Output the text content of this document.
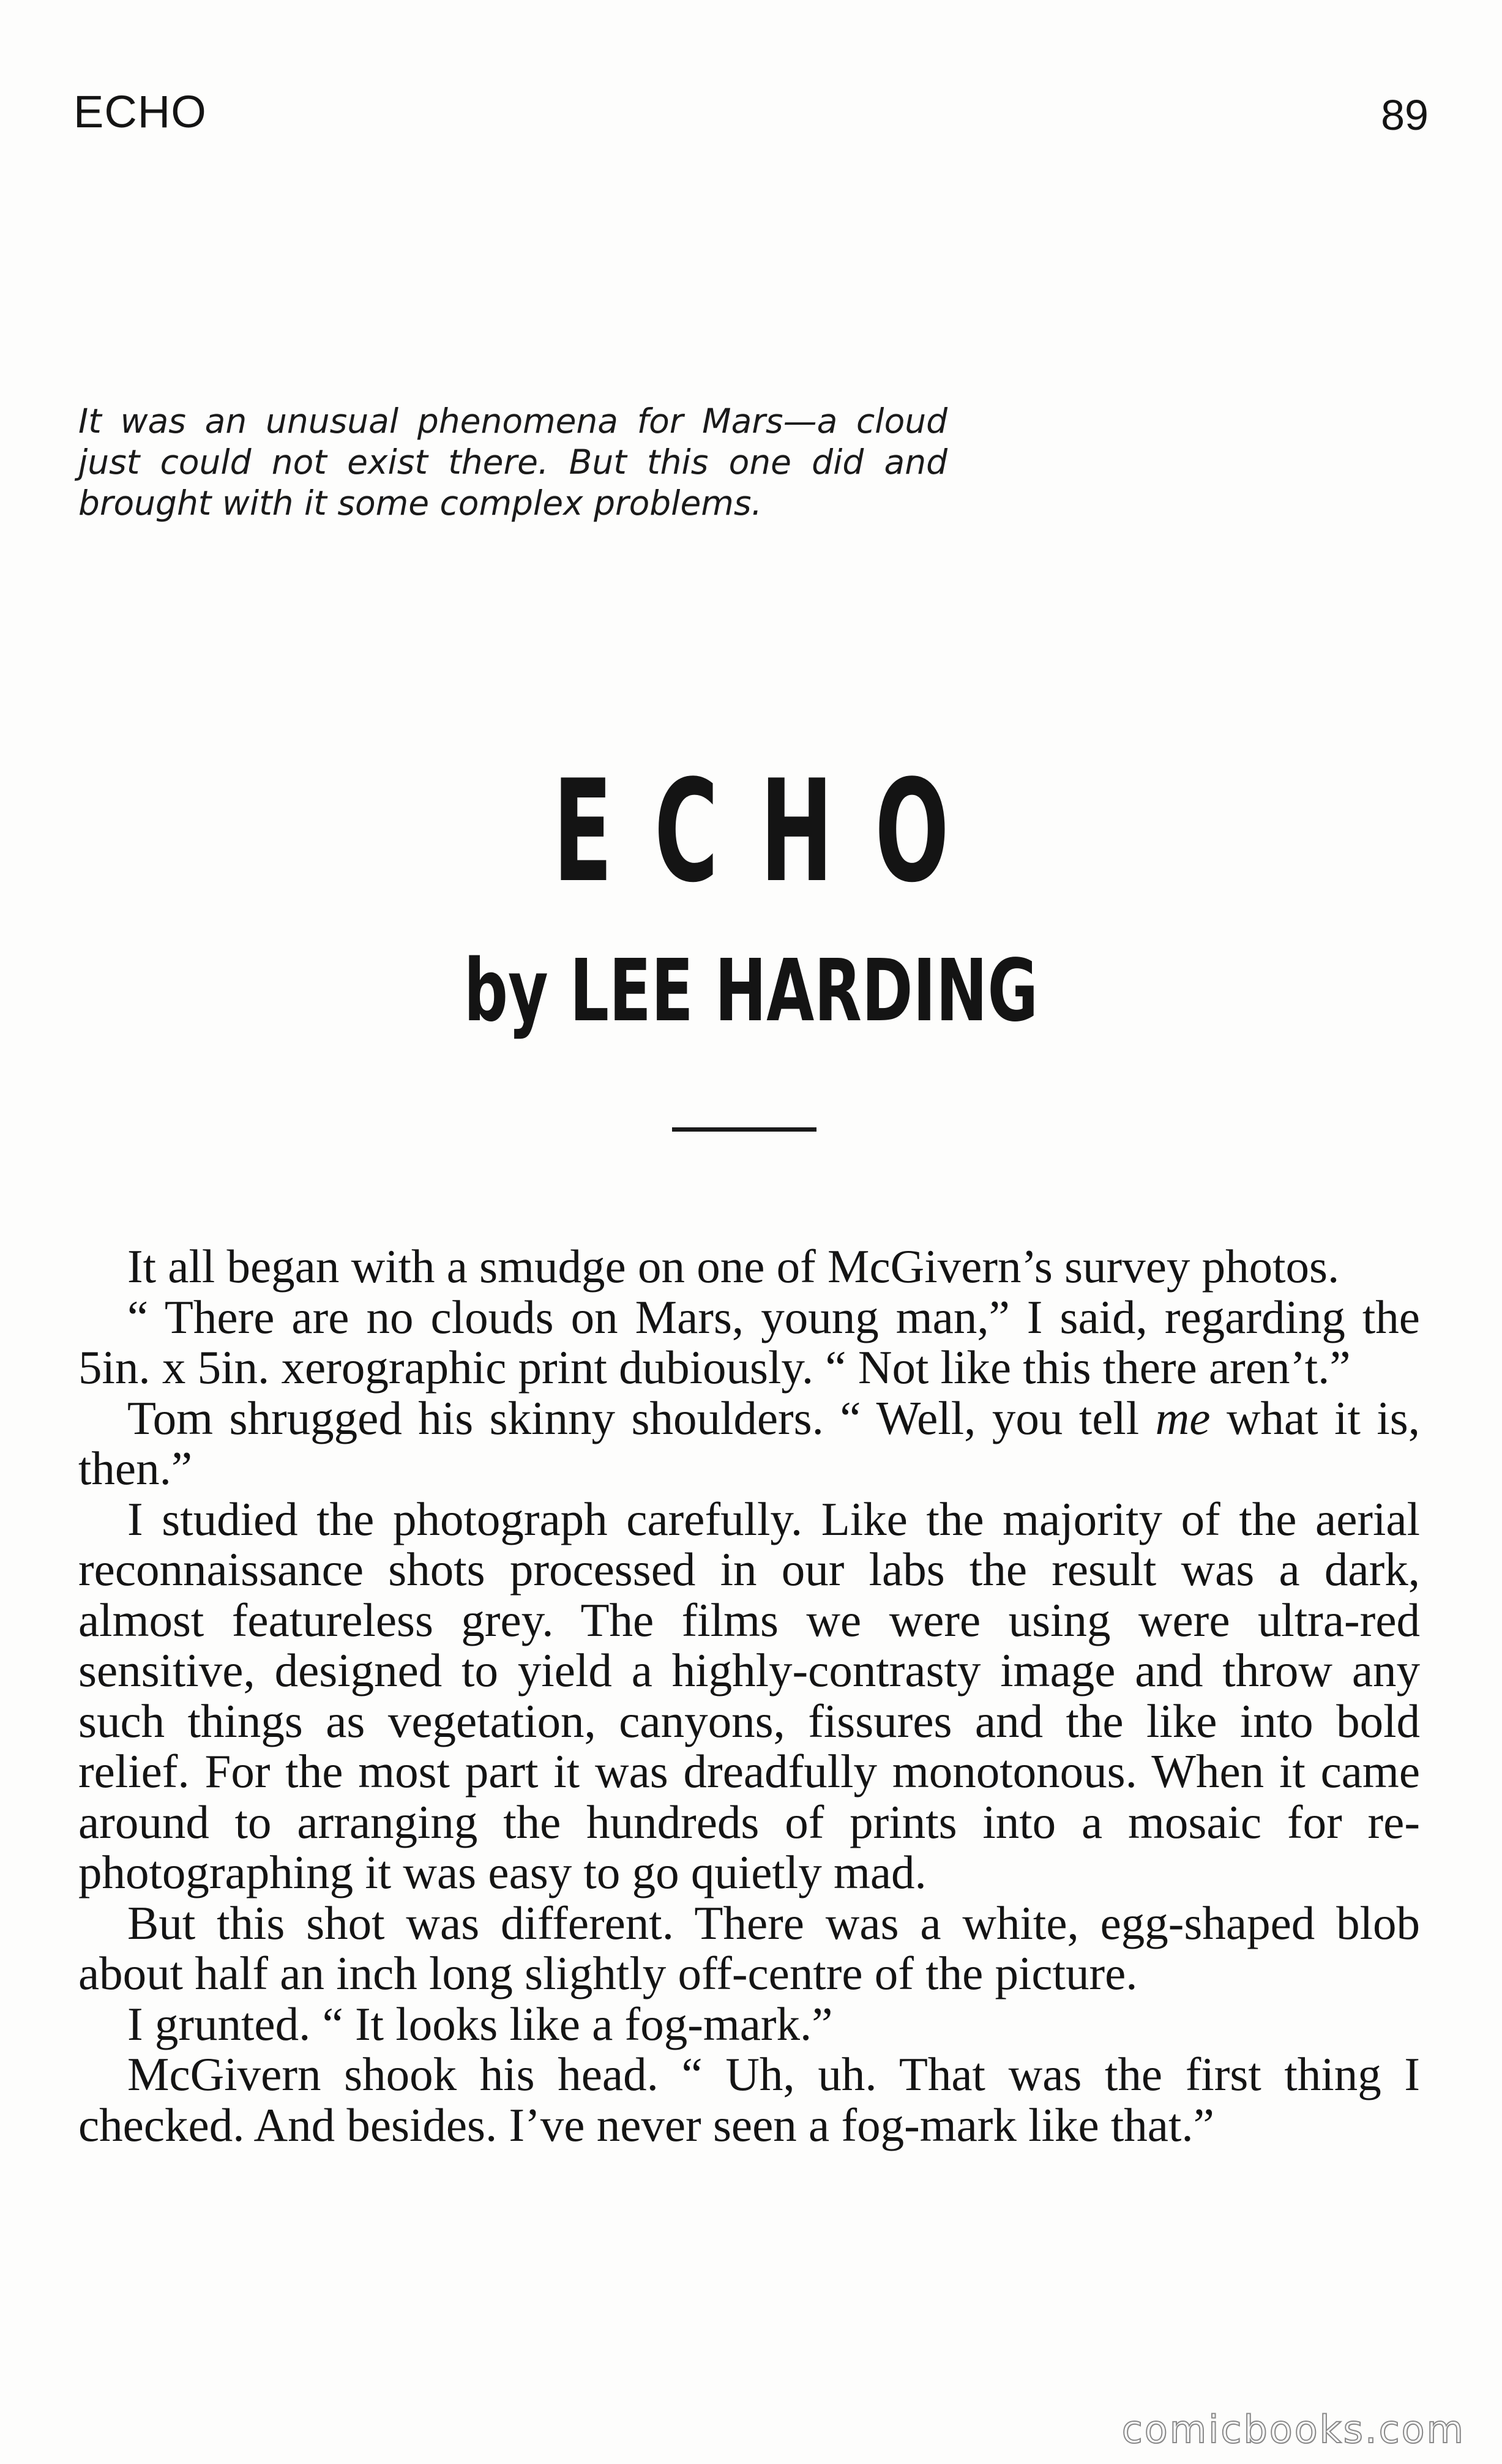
ECHO	89
It was an unusual phenomena for Mars—a cloud just could not exist there. But this one did and brought with it some complex problems.
ECHO
by LEE HARDING

It all began with a smudge on one of McGivern’s survey photos.

“ There are no clouds on Mars, young man,” I said, regarding the 5in. x 5in. xerographic print dubiously. “ Not like this there aren’t.”

Tom shrugged his skinny shoulders. “ Well, you tell me what it is, then.”

I studied the photograph carefully. Like the majority of the aerial reconnaissance shots processed in our labs the result was a dark, almost featureless grey. The films we were using were ultra-red sensitive, designed to yield a highly-contrasty image and throw any such things as vegetation, canyons, fissures and the like into bold relief. For the most part it was dreadfully monotonous. When it came around to arranging the hundreds of prints into a mosaic for re-photographing it was easy to go quietly mad.

But this shot was different. There was a white, egg-shaped blob about half an inch long slightly off-centre of the picture.

I grunted. “ It looks like a fog-mark.”

McGivern shook his head. “ Uh, uh. That was the first thing I checked. And besides. I’ve never seen a fog-mark like that.”

comicbooks.com
